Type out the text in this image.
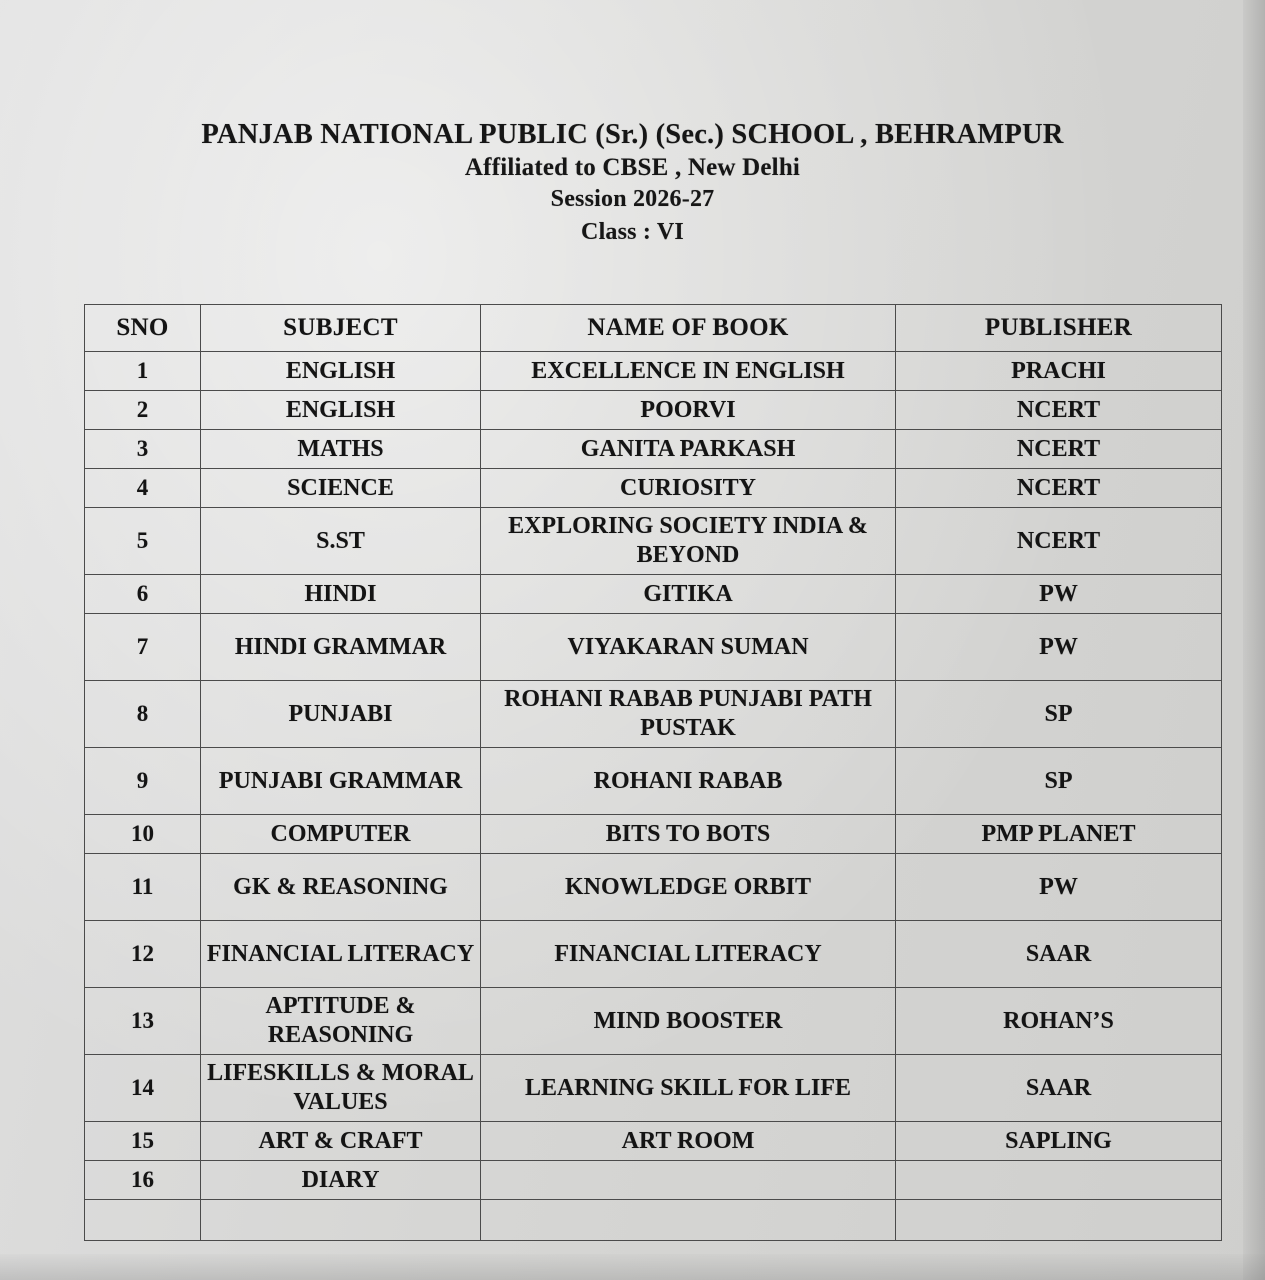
PANJAB NATIONAL PUBLIC (Sr.) (Sec.) SCHOOL , BEHRAMPUR
Affiliated to CBSE , New Delhi
Session 2026-27
Class : VI
SNO	SUBJECT	NAME OF BOOK	PUBLISHER
1	ENGLISH	EXCELLENCE IN ENGLISH	PRACHI
2	ENGLISH	POORVI	NCERT
3	MATHS	GANITA PARKASH	NCERT
4	SCIENCE	CURIOSITY	NCERT
5	S.ST	EXPLORING SOCIETY INDIA & BEYOND	NCERT
6	HINDI	GITIKA	PW
7	HINDI GRAMMAR	VIYAKARAN SUMAN	PW
8	PUNJABI	ROHANI RABAB PUNJABI PATH PUSTAK	SP
9	PUNJABI GRAMMAR	ROHANI RABAB	SP
10	COMPUTER	BITS TO BOTS	PMP PLANET
11	GK & REASONING	KNOWLEDGE ORBIT	PW
12	FINANCIAL LITERACY	FINANCIAL LITERACY	SAAR
13	APTITUDE & REASONING	MIND BOOSTER	ROHAN’S
14	LIFESKILLS & MORAL VALUES	LEARNING SKILL FOR LIFE	SAAR
15	ART & CRAFT	ART ROOM	SAPLING
16	DIARY		
